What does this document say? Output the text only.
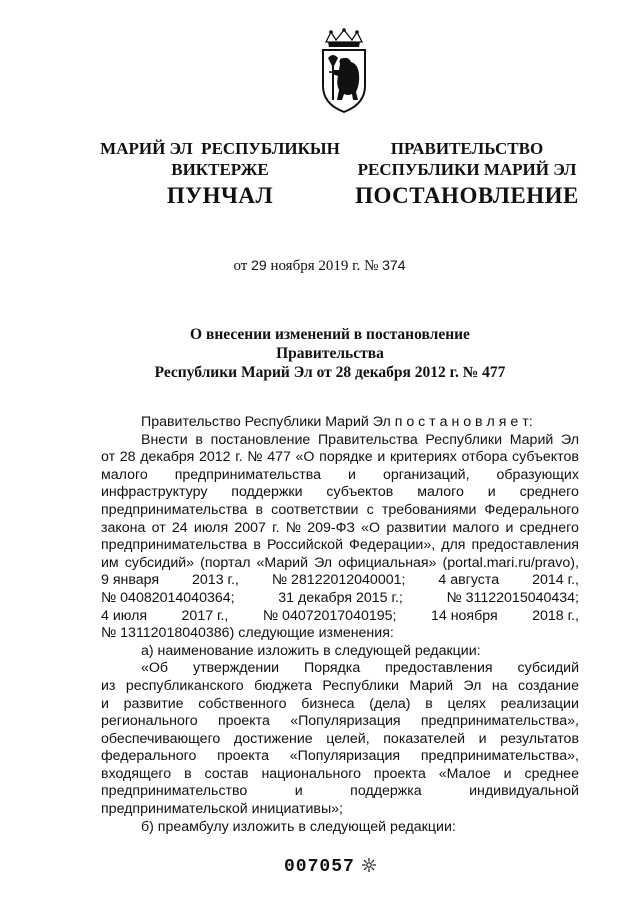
МАРИЙ ЭЛ  РЕСПУБЛИКЫН
ВИКТЕРЖЕ
ПУНЧАЛ
ПРАВИТЕЛЬСТВО
РЕСПУБЛИКИ МАРИЙ ЭЛ
ПОСТАНОВЛЕНИЕ
от 29 ноября 2019 г. № 374
О внесении изменений в постановление Правительства
Республики Марий Эл от 28 декабря 2012 г. № 477
Правительство Республики Марий Эл п о с т а н о в л я е т:
Внести в постановление Правительства Республики Марий Эл
от 28 декабря 2012 г. № 477 «О порядке и критериях отбора субъектов
малого предпринимательства и организаций, образующих
инфраструктуру поддержки субъектов малого и среднего
предпринимательства в соответствии с требованиями Федерального
закона от 24 июля 2007 г. № 209-ФЗ «О развитии малого и среднего
предпринимательства в Российской Федерации», для предоставления
им субсидий» (портал «Марий Эл официальная» (portal.mari.ru/pravo),
9 января 2013 г., № 28122012040001; 4 августа 2014 г.,
№ 04082014040364;	31 декабря 2015 г.;	№ 31122015040434;
4 июля 2017 г., № 04072017040195; 14 ноября 2018 г.,
№ 13112018040386) следующие изменения:
а) наименование изложить в следующей редакции:
«Об утверждении Порядка предоставления субсидий
из республиканского бюджета Республики Марий Эл на создание
и развитие собственного бизнеса (дела) в целях реализации
регионального проекта «Популяризация предпринимательства»,
обеспечивающего достижение целей, показателей и результатов
федерального проекта «Популяризация предпринимательства»,
входящего в состав национального проекта «Малое и среднее
предпринимательство	и	поддержка	индивидуальной
предпринимательской инициативы»;
б) преамбулу изложить в следующей редакции:
007057
